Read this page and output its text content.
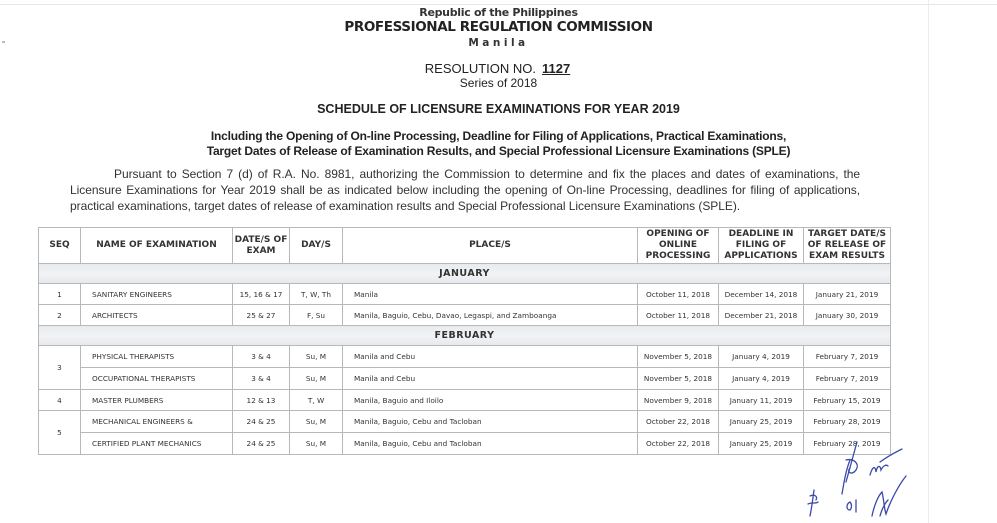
Republic of the Philippines
PROFESSIONAL REGULATION COMMISSION
Manila
RESOLUTION NO. 1127
Series of 2018
SCHEDULE OF LICENSURE EXAMINATIONS FOR YEAR 2019
Including the Opening of On-line Processing, Deadline for Filing of Applications, Practical Examinations,
Target Dates of Release of Examination Results, and Special Professional Licensure Examinations (SPLE)
Pursuant to Section 7 (d) of R.A. No. 8981, authorizing the Commission to determine and fix the places and dates of examinations, the Licensure Examinations for Year 2019 shall be as indicated below including the opening of On-line Processing, deadlines for filing of applications, practical examinations, target dates of release of examination results and Special Professional Licensure Examinations (SPLE).
SEQ	NAME OF EXAMINATION	DATE/S OF EXAM	DAY/S	PLACE/S	OPENING OF ONLINE PROCESSING	DEADLINE IN FILING OF APPLICATIONS	TARGET DATE/S OF RELEASE OF EXAM RESULTS
JANUARY							
1	SANITARY ENGINEERS	15, 16 & 17	T, W, Th	Manila	October 11, 2018	December 14, 2018	January 21, 2019
2	ARCHITECTS	25 & 27	F, Su	Manila, Baguio, Cebu, Davao, Legaspi, and Zamboanga	October 11, 2018	December 21, 2018	January 30, 2019
FEBRUARY							
3	PHYSICAL THERAPISTS	3 & 4	Su, M	Manila and Cebu	November 5, 2018	January 4, 2019	February 7, 2019
	OCCUPATIONAL THERAPISTS	3 & 4	Su, M	Manila and Cebu	November 5, 2018	January 4, 2019	February 7, 2019
4	MASTER PLUMBERS	12 & 13	T, W	Manila, Baguio and Iloilo	November 9, 2018	January 11, 2019	February 15, 2019
5	MECHANICAL ENGINEERS &	24 & 25	Su, M	Manila, Baguio, Cebu and Tacloban	October 22, 2018	January 25, 2019	February 28, 2019
	CERTIFIED PLANT MECHANICS	24 & 25	Su, M	Manila, Baguio, Cebu and Tacloban	October 22, 2018	January 25, 2019	February 28, 2019
